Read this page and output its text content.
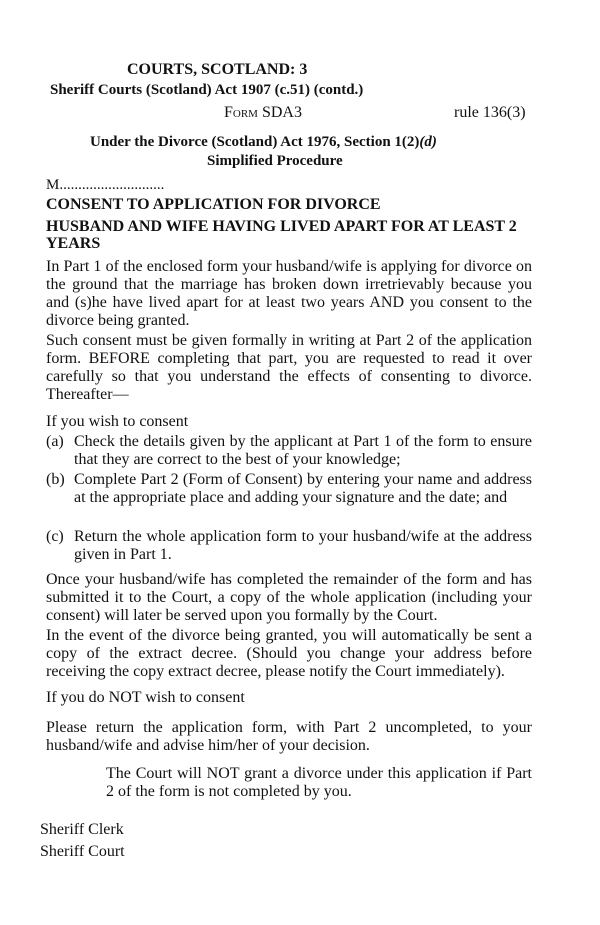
COURTS, SCOTLAND: 3
Sheriff Courts (Scotland) Act 1907 (c.51) (contd.)
Form SDA3	rule 136(3)
Under the Divorce (Scotland) Act 1976, Section 1(2)(d)
Simplified Procedure
M............................
CONSENT TO APPLICATION FOR DIVORCE
HUSBAND AND WIFE HAVING LIVED APART FOR AT LEAST 2
YEARS
In Part 1 of the enclosed form your husband/wife is applying for divorce on the ground that the marriage has broken down irretrievably because you and (s)he have lived apart for at least two years AND you consent to the divorce being granted.
Such consent must be given formally in writing at Part 2 of the application form. BEFORE completing that part, you are requested to read it over carefully so that you understand the effects of consenting to divorce. Thereafter—
If you wish to consent
(a) Check the details given by the applicant at Part 1 of the form to ensure that they are correct to the best of your knowledge;
(b) Complete Part 2 (Form of Consent) by entering your name and address at the appropriate place and adding your signature and the date; and
(c) Return the whole application form to your husband/wife at the address given in Part 1.
Once your husband/wife has completed the remainder of the form and has submitted it to the Court, a copy of the whole application (including your consent) will later be served upon you formally by the Court.
In the event of the divorce being granted, you will automatically be sent a copy of the extract decree. (Should you change your address before receiving the copy extract decree, please notify the Court immediately).
If you do NOT wish to consent
Please return the application form, with Part 2 uncompleted, to your husband/wife and advise him/her of your decision.
The Court will NOT grant a divorce under this application if Part 2 of the form is not completed by you.
Sheriff Clerk
Sheriff Court
